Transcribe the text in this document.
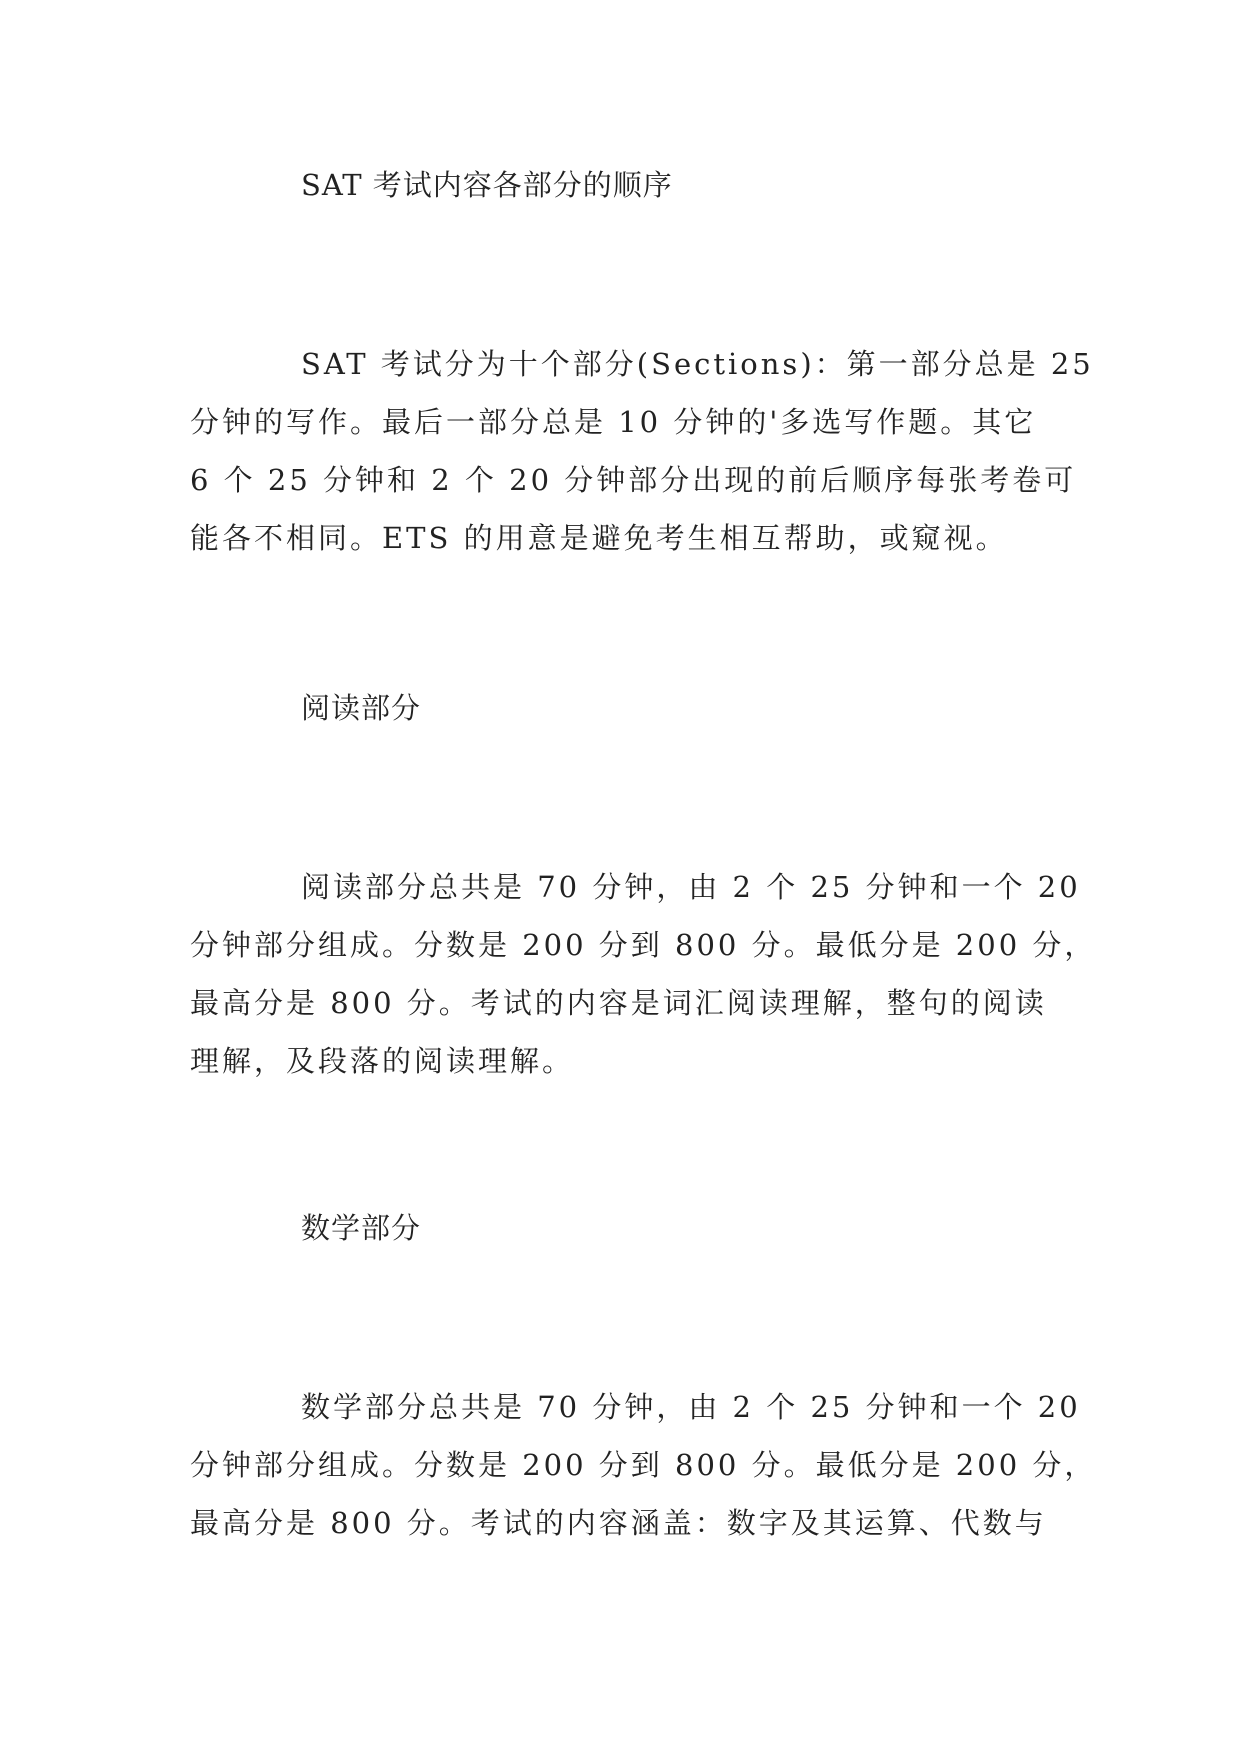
SAT 考试内容各部分的顺序
SAT 考试分为十个部分(Sections)：第一部分总是 25
分钟的写作。最后一部分总是 10 分钟的'多选写作题。其它
6 个 25 分钟和 2 个 20 分钟部分出现的前后顺序每张考卷可
能各不相同。ETS 的用意是避免考生相互帮助，或窥视。
阅读部分
阅读部分总共是 70 分钟，由 2 个 25 分钟和一个 20
分钟部分组成。分数是 200 分到 800 分。最低分是 200 分，
最高分是 800 分。考试的内容是词汇阅读理解，整句的阅读
理解，及段落的阅读理解。
数学部分
数学部分总共是 70 分钟，由 2 个 25 分钟和一个 20
分钟部分组成。分数是 200 分到 800 分。最低分是 200 分，
最高分是 800 分。考试的内容涵盖：数字及其运算、代数与
